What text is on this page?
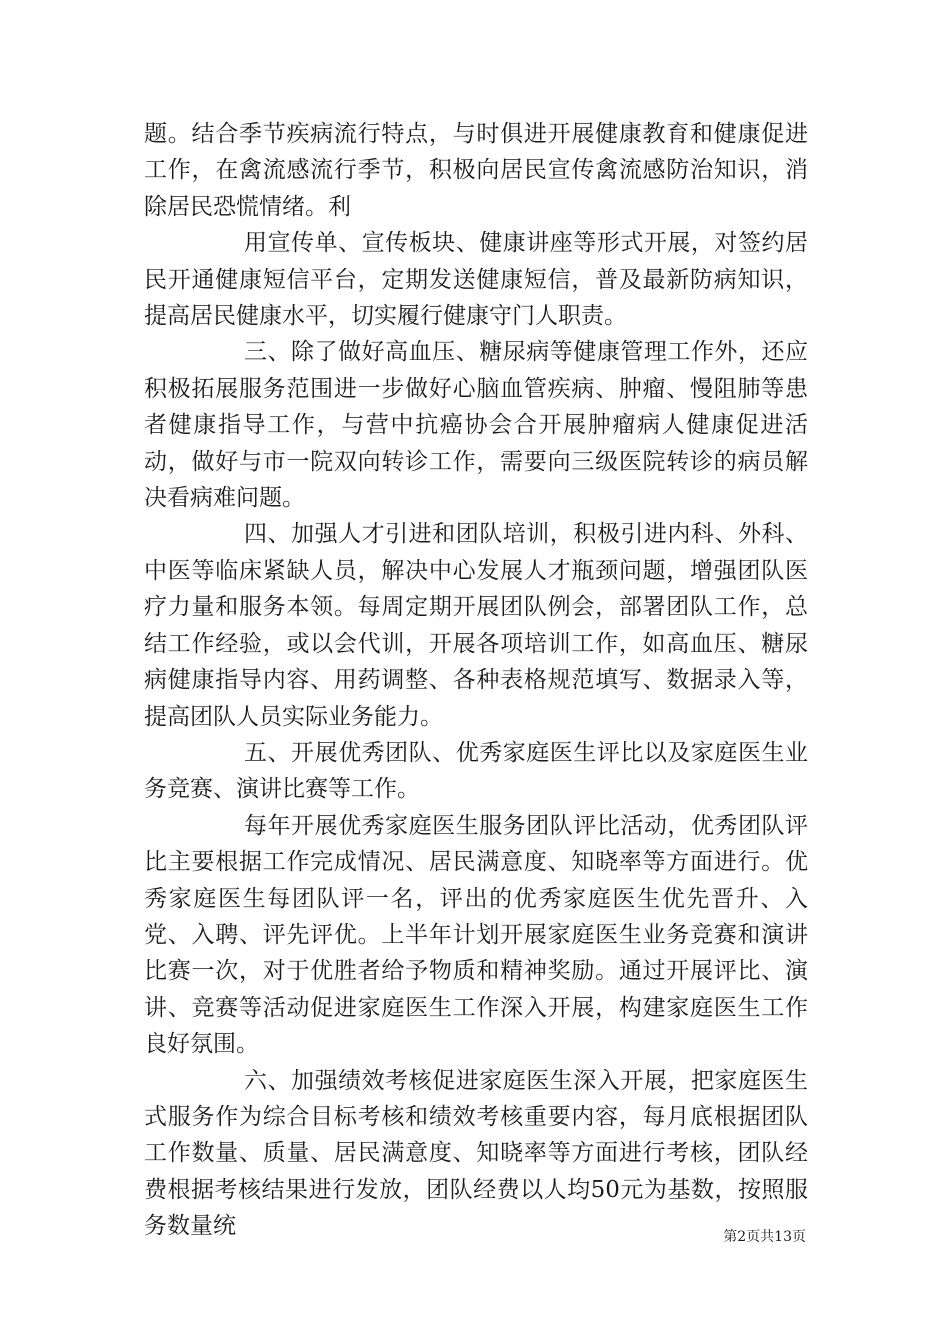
题。结合季节疾病流行特点，与时俱进开展健康教育和健康促进工作，在禽流感流行季节，积极向居民宣传禽流感防治知识，消除居民恐慌情绪。利

用宣传单、宣传板块、健康讲座等形式开展，对签约居民开通健康短信平台，定期发送健康短信，普及最新防病知识，提高居民健康水平，切实履行健康守门人职责。

三、除了做好高血压、糖尿病等健康管理工作外，还应积极拓展服务范围进一步做好心脑血管疾病、肿瘤、慢阻肺等患者健康指导工作，与营中抗癌协会合开展肿瘤病人健康促进活动，做好与市一院双向转诊工作，需要向三级医院转诊的病员解决看病难问题。

四、加强人才引进和团队培训，积极引进内科、外科、中医等临床紧缺人员，解决中心发展人才瓶颈问题，增强团队医疗力量和服务本领。每周定期开展团队例会，部署团队工作，总结工作经验，或以会代训，开展各项培训工作，如高血压、糖尿病健康指导内容、用药调整、各种表格规范填写、数据录入等，提高团队人员实际业务能力。

五、开展优秀团队、优秀家庭医生评比以及家庭医生业务竞赛、演讲比赛等工作。

每年开展优秀家庭医生服务团队评比活动，优秀团队评比主要根据工作完成情况、居民满意度、知晓率等方面进行。优秀家庭医生每团队评一名，评出的优秀家庭医生优先晋升、入党、入聘、评先评优。上半年计划开展家庭医生业务竞赛和演讲比赛一次，对于优胜者给予物质和精神奖励。通过开展评比、演讲、竞赛等活动促进家庭医生工作深入开展，构建家庭医生工作良好氛围。

六、加强绩效考核促进家庭医生深入开展，把家庭医生式服务作为综合目标考核和绩效考核重要内容，每月底根据团队工作数量、质量、居民满意度、知晓率等方面进行考核，团队经费根据考核结果进行发放，团队经费以人均50元为基数，按照服务数量统	第2页共13页
